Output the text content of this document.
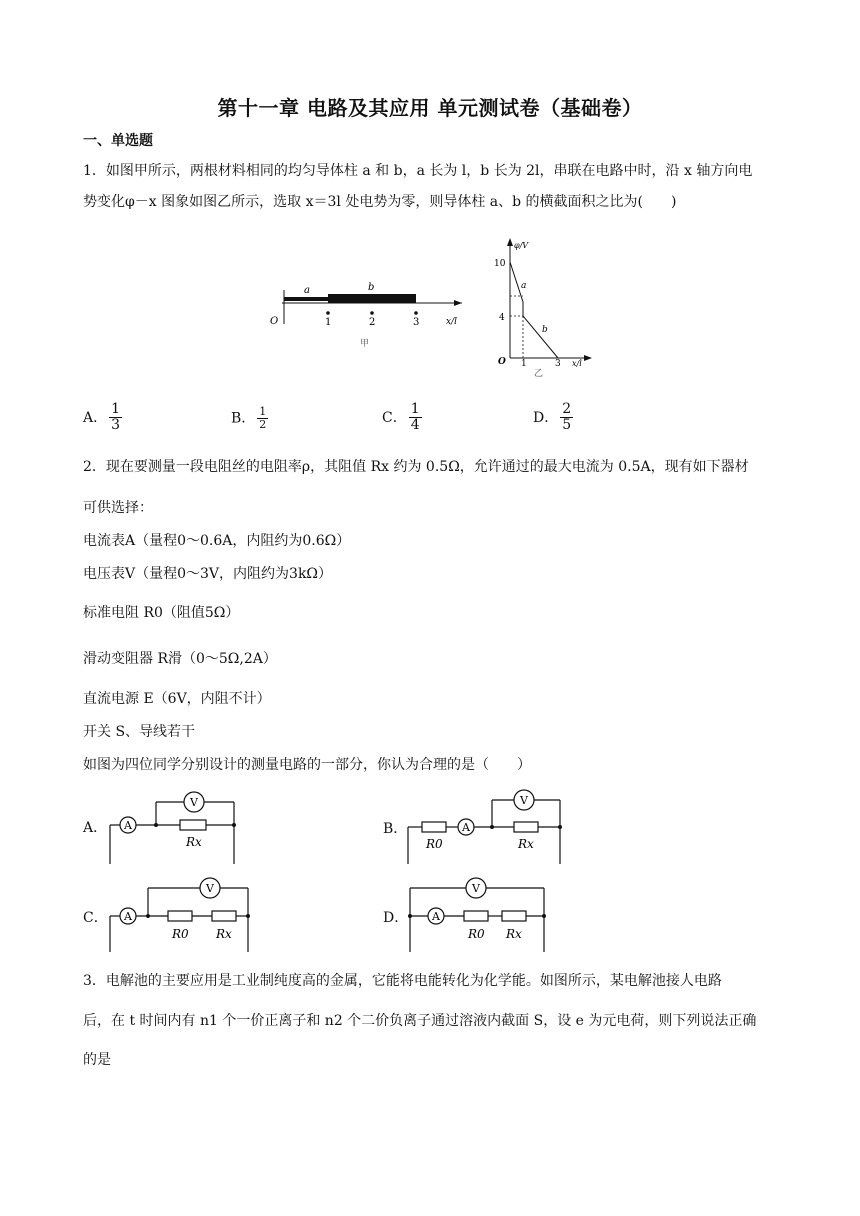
第十一章 电路及其应用 单元测试卷（基础卷）
一、单选题
1．如图甲所示，两根材料相同的均匀导体柱 a 和 b，a 长为 l，b 长为 2l，串联在电路中时，沿 x 轴方向电
势变化φ－x 图象如图乙所示，选取 x＝3l 处电势为零，则导体柱 a、b 的横截面积之比为(　　)
a	b
O	1	2	3	x/l
甲
φ/V
10
4
a
b
O 1	3 x/l
乙
A． $\frac{1}{3}$	B． $\frac{1}{2}$	C． $\frac{1}{4}$	D． $\frac{2}{5}$
2．现在要测量一段电阻丝的电阻率ρ，其阻值 Rx 约为 0.5Ω，允许通过的最大电流为 0.5A，现有如下器材
可供选择：
电流表A（量程0～0.6A，内阻约为0.6Ω）
电压表V（量程0～3V，内阻约为3kΩ）
标准电阻 R0（阻值5Ω）
滑动变阻器 R滑（0～5Ω,2A）
直流电源 E（6V，内阻不计）
开关 S、导线若干
如图为四位同学分别设计的测量电路的一部分，你认为合理的是（　　）
A． A
V
Rx
B．	A
V
R0	Rx
C． A
V
R0 Rx
D． A
V
R0 Rx
3．电解池的主要应用是工业制纯度高的金属，它能将电能转化为化学能。如图所示，某电解池接人电路
后，在 t 时间内有 n1 个一价正离子和 n2 个二价负离子通过溶液内截面 S，设 e 为元电荷，则下列说法正确
的是
